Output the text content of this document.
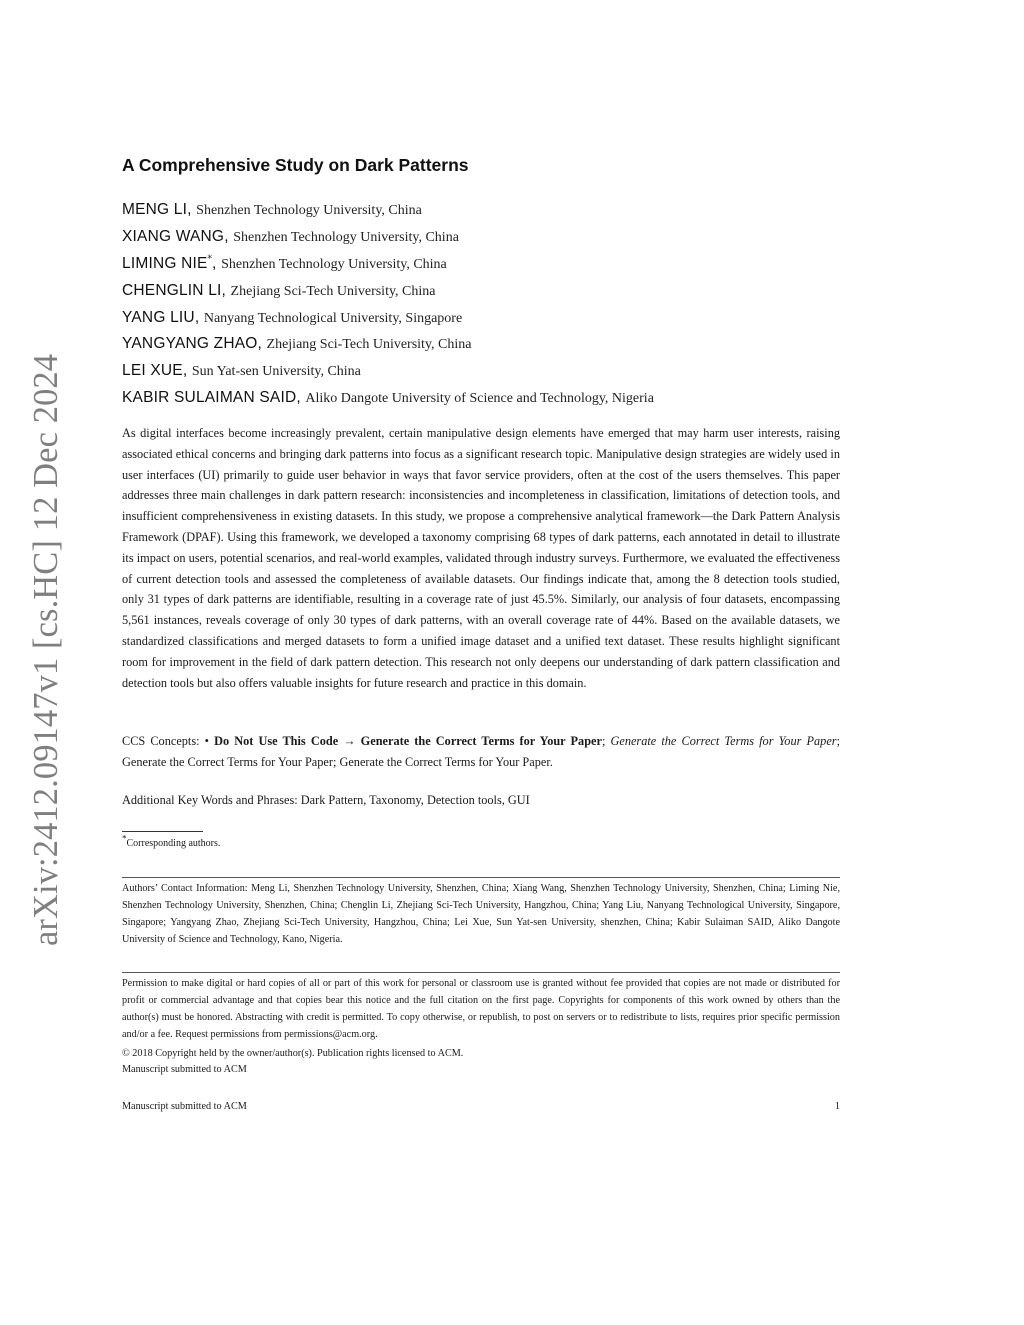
arXiv:2412.09147v1 [cs.HC] 12 Dec 2024
A Comprehensive Study on Dark Patterns
MENG LI, Shenzhen Technology University, China
XIANG WANG, Shenzhen Technology University, China
LIMING NIE*, Shenzhen Technology University, China
CHENGLIN LI, Zhejiang Sci-Tech University, China
YANG LIU, Nanyang Technological University, Singapore
YANGYANG ZHAO, Zhejiang Sci-Tech University, China
LEI XUE, Sun Yat-sen University, China
KABIR SULAIMAN SAID, Aliko Dangote University of Science and Technology, Nigeria

As digital interfaces become increasingly prevalent, certain manipulative design elements have emerged that may harm user interests, raising associated ethical concerns and bringing dark patterns into focus as a significant research topic. Manipulative design strategies are widely used in user interfaces (UI) primarily to guide user behavior in ways that favor service providers, often at the cost of the users themselves. This paper addresses three main challenges in dark pattern research: inconsistencies and incompleteness in classification, limitations of detection tools, and insufficient comprehensiveness in existing datasets. In this study, we propose a comprehensive analytical framework—the Dark Pattern Analysis Framework (DPAF). Using this framework, we developed a taxonomy comprising 68 types of dark patterns, each annotated in detail to illustrate its impact on users, potential scenarios, and real-world examples, validated through industry surveys. Furthermore, we evaluated the effectiveness of current detection tools and assessed the completeness of available datasets. Our findings indicate that, among the 8 detection tools studied, only 31 types of dark patterns are identifiable, resulting in a coverage rate of just 45.5%. Similarly, our analysis of four datasets, encompassing 5,561 instances, reveals coverage of only 30 types of dark patterns, with an overall coverage rate of 44%. Based on the available datasets, we standardized classifications and merged datasets to form a unified image dataset and a unified text dataset. These results highlight significant room for improvement in the field of dark pattern detection. This research not only deepens our understanding of dark pattern classification and detection tools but also offers valuable insights for future research and practice in this domain.

CCS Concepts: • Do Not Use This Code → Generate the Correct Terms for Your Paper; Generate the Correct Terms for Your Paper; Generate the Correct Terms for Your Paper; Generate the Correct Terms for Your Paper.

Additional Key Words and Phrases: Dark Pattern, Taxonomy, Detection tools, GUI

*Corresponding authors.

Authors’ Contact Information: Meng Li, Shenzhen Technology University, Shenzhen, China; Xiang Wang, Shenzhen Technology University, Shenzhen, China; Liming Nie, Shenzhen Technology University, Shenzhen, China; Chenglin Li, Zhejiang Sci-Tech University, Hangzhou, China; Yang Liu, Nanyang Technological University, Singapore, Singapore; Yangyang Zhao, Zhejiang Sci-Tech University, Hangzhou, China; Lei Xue, Sun Yat-sen University, shenzhen, China; Kabir Sulaiman SAID, Aliko Dangote University of Science and Technology, Kano, Nigeria.

Permission to make digital or hard copies of all or part of this work for personal or classroom use is granted without fee provided that copies are not made or distributed for profit or commercial advantage and that copies bear this notice and the full citation on the first page. Copyrights for components of this work owned by others than the author(s) must be honored. Abstracting with credit is permitted. To copy otherwise, or republish, to post on servers or to redistribute to lists, requires prior specific permission and/or a fee. Request permissions from permissions@acm.org.

© 2018 Copyright held by the owner/author(s). Publication rights licensed to ACM.
Manuscript submitted to ACM
Manuscript submitted to ACM	1
